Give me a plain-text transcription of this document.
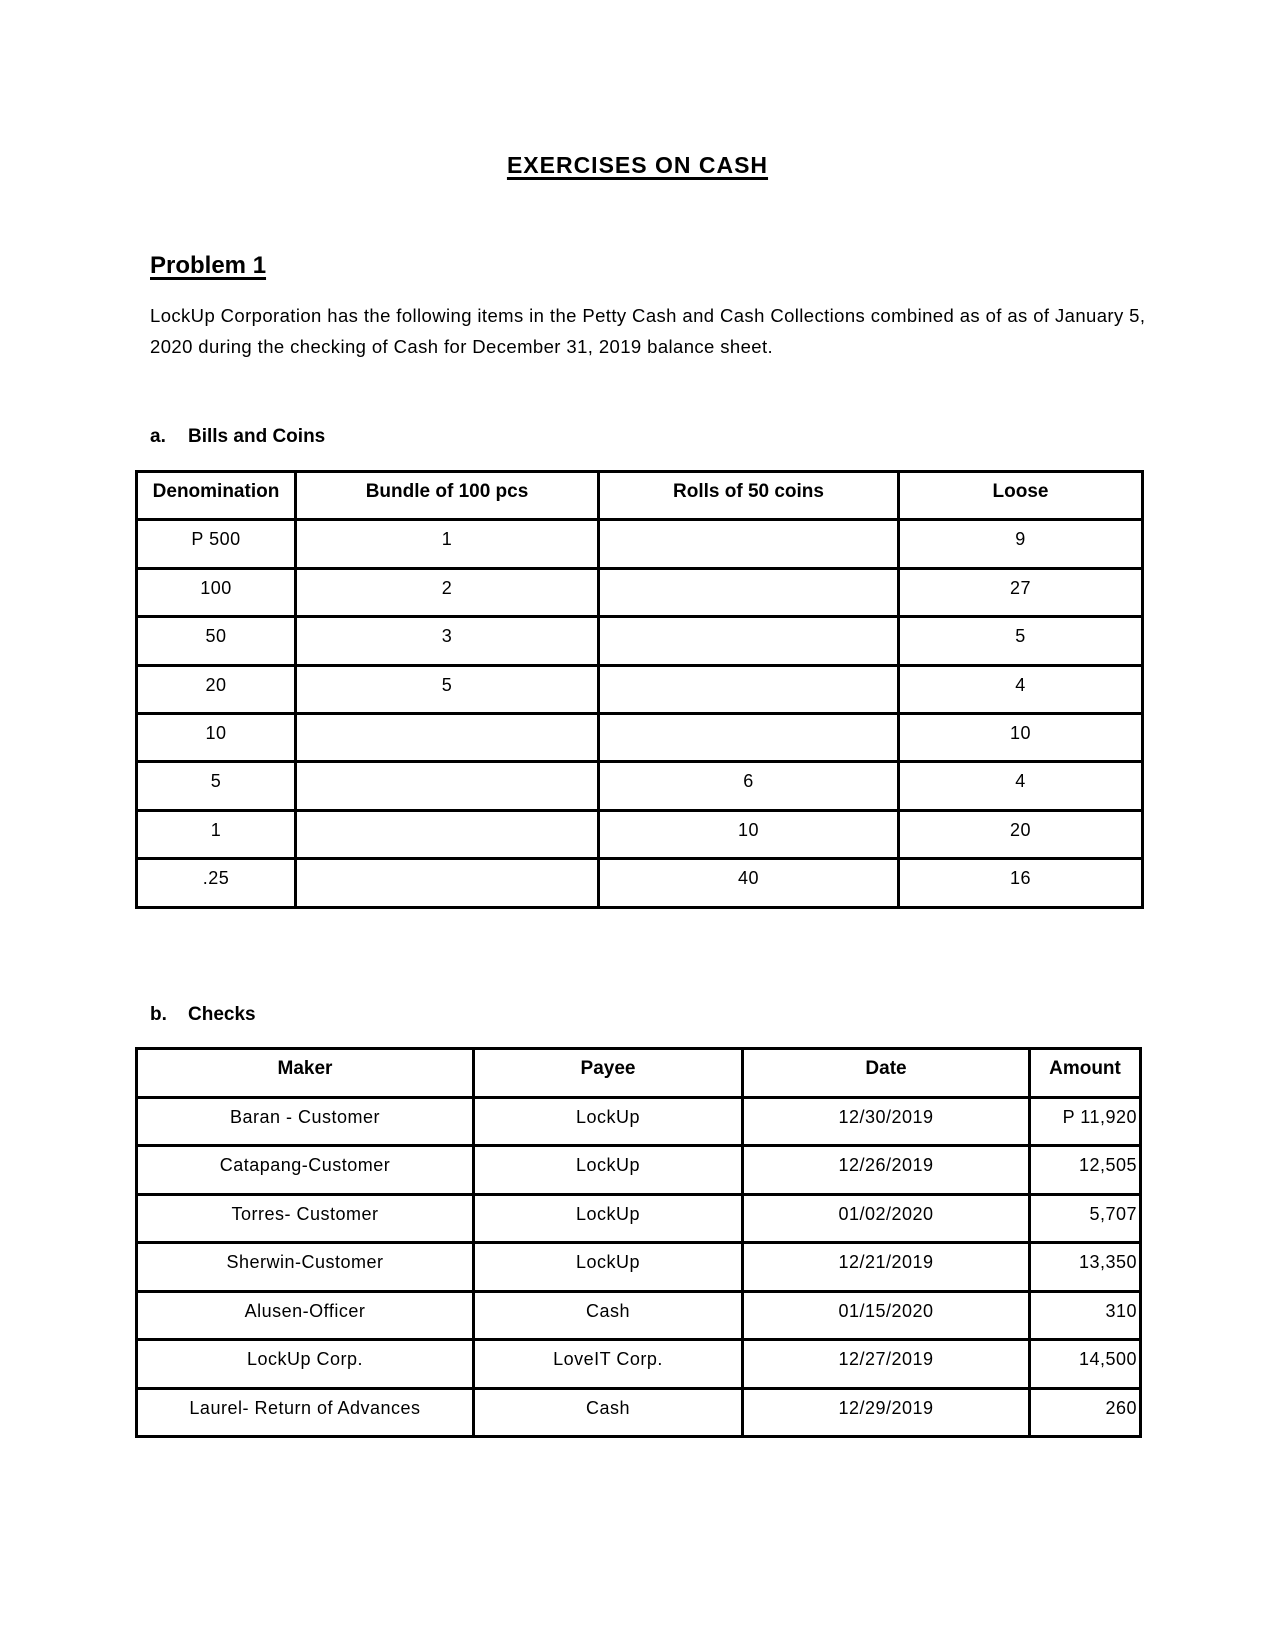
EXERCISES ON CASH
Problem 1
LockUp Corporation has the following items in the Petty Cash and Cash Collections combined as of as of January 5, 2020 during the checking of Cash for December 31, 2019 balance sheet.
a. Bills and Coins
Denomination	Bundle of 100 pcs	Rolls of 50 coins	Loose
P 500	1		9
100	2		27
50	3		5
20	5		4
10			10
5		6	4
1		10	20
.25		40	16
b. Checks
Maker	Payee	Date	Amount
Baran - Customer	LockUp	12/30/2019	P 11,920
Catapang-Customer	LockUp	12/26/2019	12,505
Torres- Customer	LockUp	01/02/2020	5,707
Sherwin-Customer	LockUp	12/21/2019	13,350
Alusen-Officer	Cash	01/15/2020	310
LockUp Corp.	LoveIT Corp.	12/27/2019	14,500
Laurel- Return of Advances	Cash	12/29/2019	260
